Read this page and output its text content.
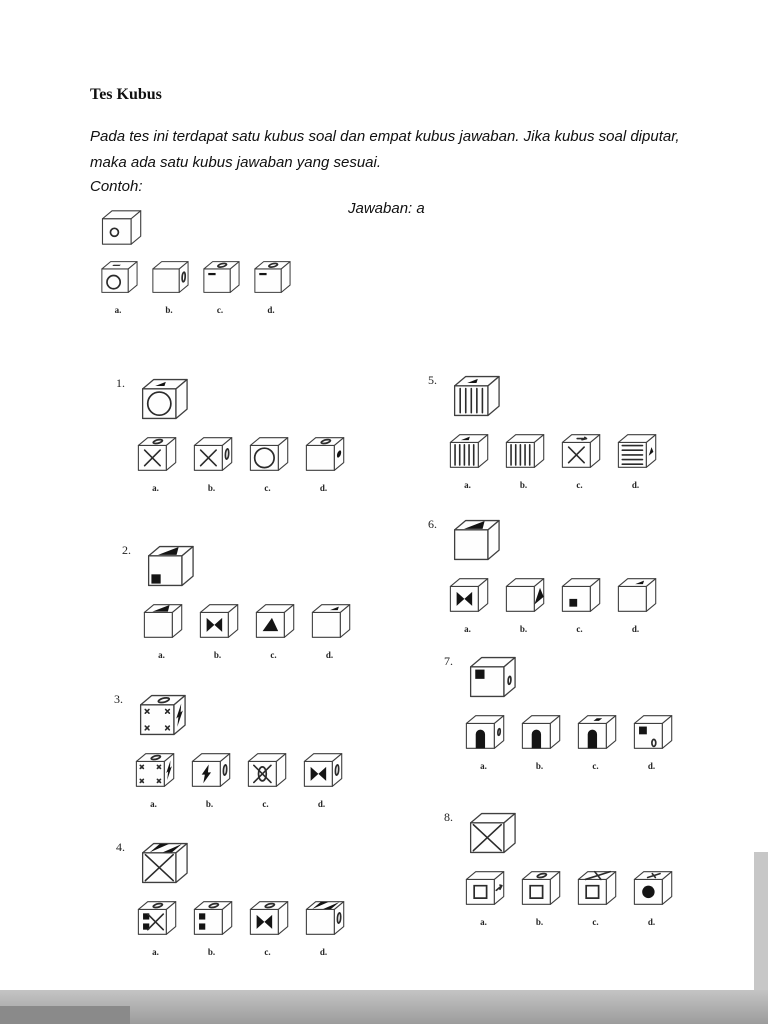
Tes Kubus
Pada tes ini terdapat satu kubus soal dan empat kubus jawaban. Jika kubus soal diputar, maka ada satu kubus jawaban yang sesuai.
Contoh:
Jawaban: a
a.	b.	c.	d.
1.
a.	b.	c.	d.
2.
a.	b.	c.	d.
3.
a.	b.	c.	d.
4.
a.	b.	c.	d.
5.
a.	b.	c.	d.
6.
a.	b.	c.	d.
7.
a.	b.	c.	d.
8.
a.	b.	c.	d.
